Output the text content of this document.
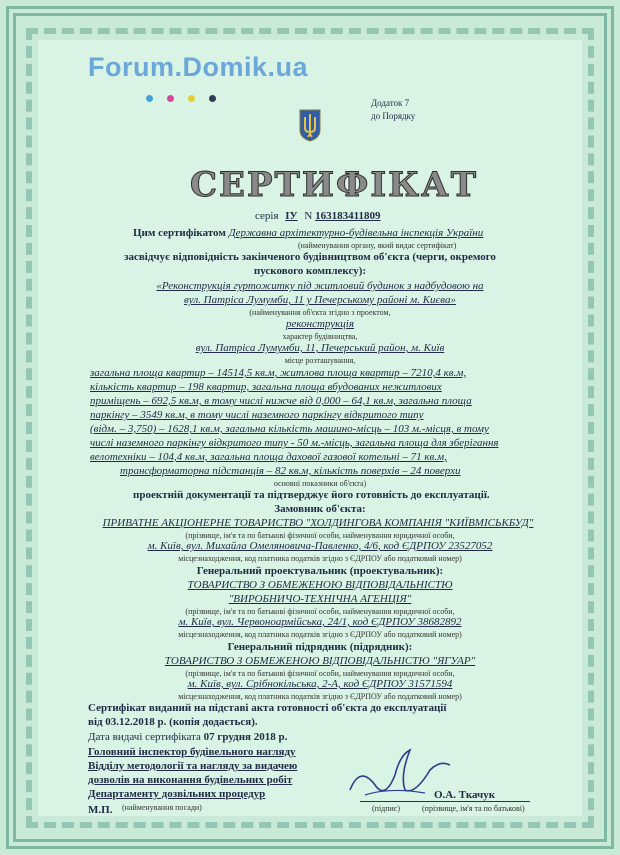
Forum.Domik.ua
Додаток 7
до Порядку
СЕРТИФІКАТ
серія ІУ N 163183411809
Цим сертифікатом Державна архітектурно-будівельна інспекція України
(найменування органу, який видає сертифікат)
засвідчує відповідність закінченого будівництвом об'єкта (черги, окремого
пускового комплексу):
«Реконструкція гуртожитку під житловий будинок з надбудовою на
вул. Патріса Лумумби, 11 у Печерському районі м. Києва»
(найменування об'єкта згідно з проектом,
реконструкція
характер будівництва,
вул. Патріса Лумумби, 11, Печерський район, м. Київ
місце розташування,
загальна площа квартир – 14514,5 кв.м, житлова площа квартир – 7210,4 кв.м,
кількість квартир – 198 квартир, загальна площа вбудованих нежитлових
приміщень – 692,5 кв.м, в тому числі нижче від 0,000 – 64,1 кв.м, загальна площа
паркінгу – 3549 кв.м, в тому числі наземного паркінгу відкритого типу
(відм. – 3,750) – 1628,1 кв.м, загальна кількість машино-місць – 103 м.-місця, в тому
числі наземного паркінгу відкритого типу - 50 м.-місць, загальна площа для зберігання
велотехніки – 104,4 кв.м, загальна площа дахової газової котельні – 71 кв.м,
трансформаторна підстанція – 82 кв.м, кількість поверхів – 24 поверхи
основні показники об'єкта)
проектній документації та підтверджує його готовність до експлуатації.
Замовник об'єкта:
ПРИВАТНЕ АКЦІОНЕРНЕ ТОВАРИСТВО "ХОЛДИНГОВА КОМПАНІЯ "КИЇВМІСЬКБУД"
(прізвище, ім'я та по батькові фізичної особи, найменування юридичної особи,
м. Київ, вул. Михайла Омеляновича-Павленко, 4/6, код ЄДРПОУ 23527052
місцезнаходження, код платника податків згідно з ЄДРПОУ або податковий номер)
Генеральний проектувальник (проектувальник):
ТОВАРИСТВО З ОБМЕЖЕНОЮ ВІДПОВІДАЛЬНІСТЮ
"ВИРОБНИЧО-ТЕХНІЧНА АГЕНЦІЯ"
(прізвище, ім'я та по батькові фізичної особи, найменування юридичної особи,
м. Київ, вул. Червоноармійська, 24/1, код ЄДРПОУ 38682892
місцезнаходження, код платника податків згідно з ЄДРПОУ або податковий номер)
Генеральний підрядник (підрядник):
ТОВАРИСТВО З ОБМЕЖЕНОЮ ВІДПОВІДАЛЬНІСТЮ "ЯГУАР"
(прізвище, ім'я та по батькові фізичної особи, найменування юридичної особи,
м. Київ, вул. Срібнокільська, 2-А, код ЄДРПОУ 31571594
місцезнаходження, код платника податків згідно з ЄДРПОУ або податковий номер)
Сертифікат виданий на підставі акта готовності об'єкта до експлуатації
від 03.12.2018 р. (копія додається).
Дата видачі сертифіката 07 грудня 2018 р.
Головний інспектор будівельного нагляду
Відділу методології та нагляду за видачею
дозволів на виконання будівельних робіт
Департаменту дозвільних процедур
(найменування посади)
М.П.	(підпис)
О.А. Ткачук
(прізвище, ім'я та по батькові)
